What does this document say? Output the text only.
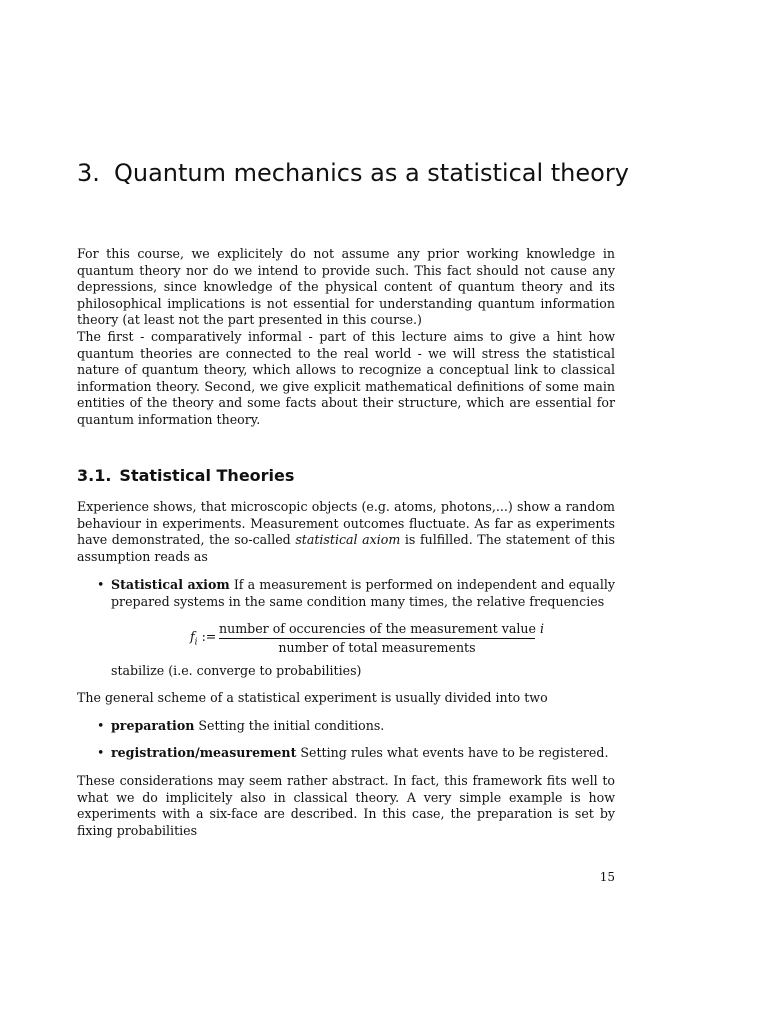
3. Quantum mechanics as a statistical theory

For this course, we explicitely do not assume any prior working knowledge in quantum theory nor do we intend to provide such. This fact should not cause any depressions, since knowledge of the physical content of quantum theory and its philosophical implications is not essential for understanding quantum information theory (at least not the part presented in this course.)

The first - comparatively informal - part of this lecture aims to give a hint how quantum theories are connected to the real world - we will stress the statistical nature of quantum theory, which allows to recognize a conceptual link to classical information theory. Second, we give explicit mathematical definitions of some main entities of the theory and some facts about their structure, which are essential for quantum information theory.

3.1. Statistical Theories

Experience shows, that microscopic objects (e.g. atoms, photons,...) show a random behaviour in experiments. Measurement outcomes fluctuate. As far as experiments have demonstrated, the so-called statistical axiom is fulfilled. The statement of this assumption reads as

• Statistical axiom If a measurement is performed on independent and equally prepared systems in the same condition many times, the relative frequencies
$f_i$ :=
number of occurencies of the measurement value i
number of total measurements
stabilize (i.e. converge to probabilities)

The general scheme of a statistical experiment is usually divided into two

• preparation Setting the initial conditions.
• registration/measurement Setting rules what events have to be registered.

These considerations may seem rather abstract. In fact, this framework fits well to what we do implicitely also in classical theory. A very simple example is how experiments with a six-face are described. In this case, the preparation is set by fixing probabilities

15
